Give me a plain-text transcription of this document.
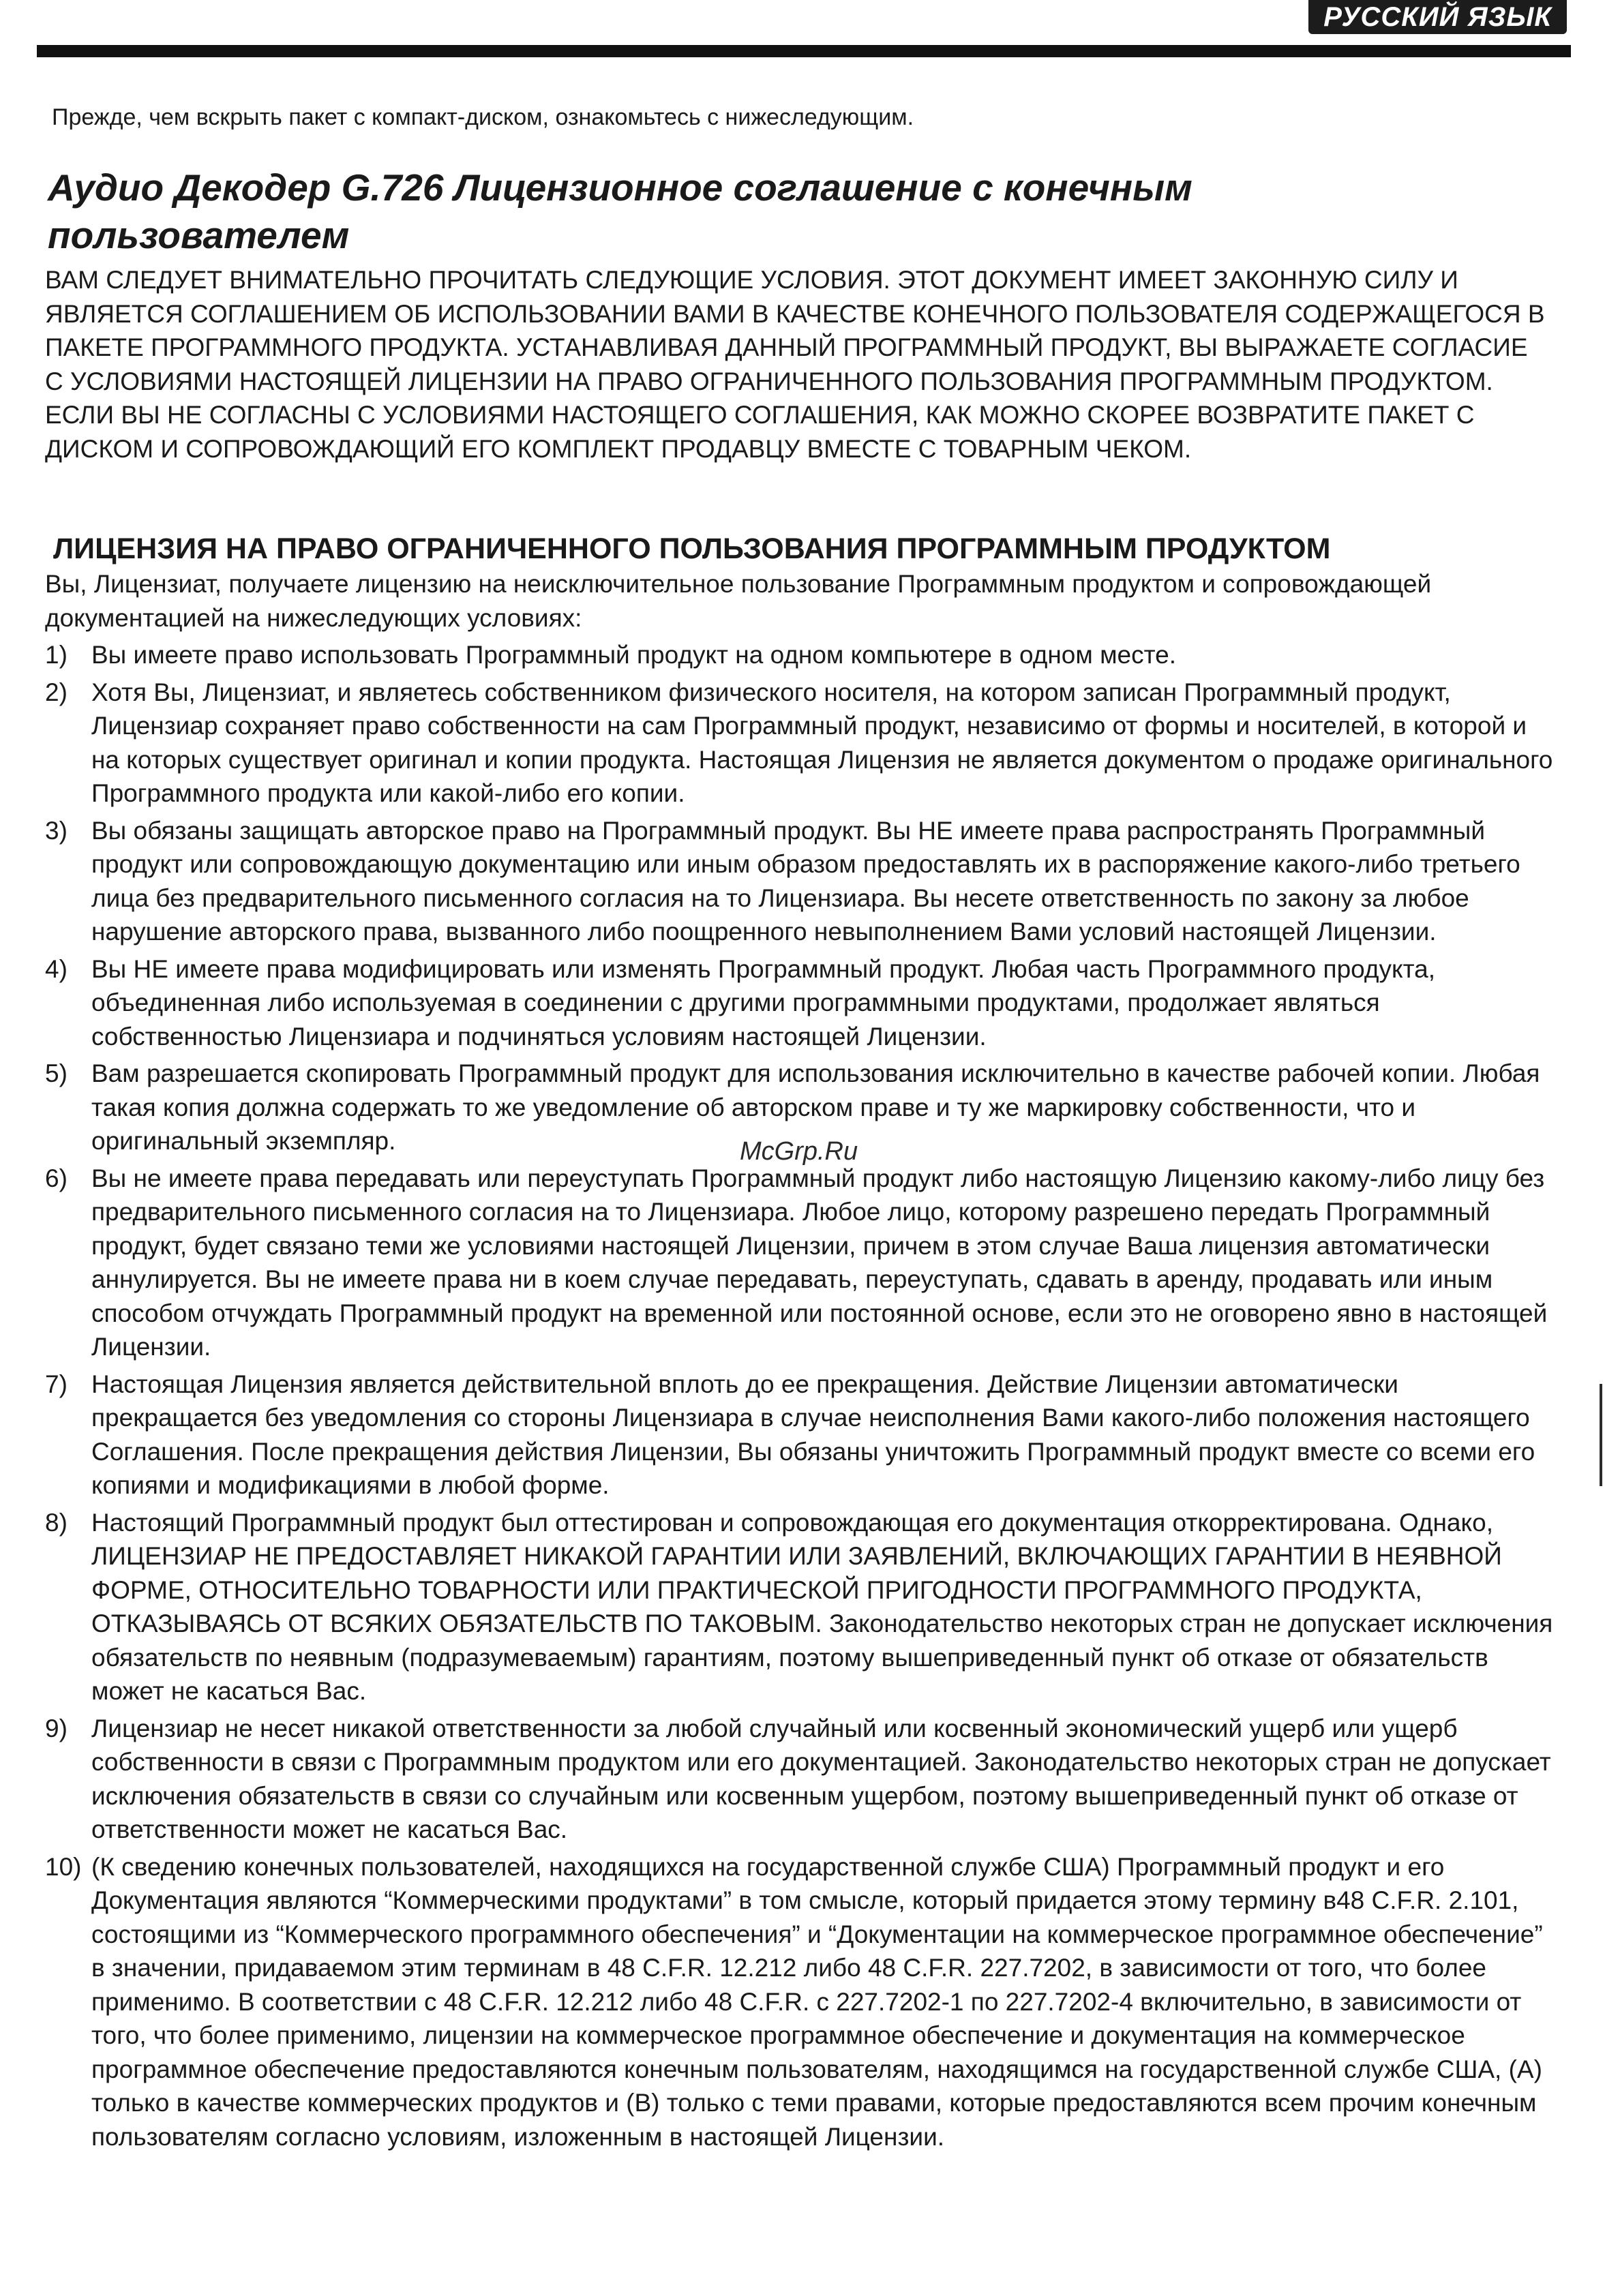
РУССКИЙ ЯЗЫК
Прежде, чем вскрыть пакет с компакт-диском, ознакомьтесь с нижеследующим.
Аудио Декодер G.726 Лицензионное соглашение с конечным пользователем
ВАМ СЛЕДУЕТ ВНИМАТЕЛЬНО ПРОЧИТАТЬ СЛЕДУЮЩИЕ УСЛОВИЯ. ЭТОТ ДОКУМЕНТ ИМЕЕТ ЗАКОННУЮ СИЛУ И ЯВЛЯЕТСЯ СОГЛАШЕНИЕМ ОБ ИСПОЛЬЗОВАНИИ ВАМИ В КАЧЕСТВЕ КОНЕЧНОГО ПОЛЬЗОВАТЕЛЯ СОДЕРЖАЩЕГОСЯ В ПАКЕТЕ ПРОГРАММНОГО ПРОДУКТА. УСТАНАВЛИВАЯ ДАННЫЙ ПРОГРАММНЫЙ ПРОДУКТ, ВЫ ВЫРАЖАЕТЕ СОГЛАСИЕ С УСЛОВИЯМИ НАСТОЯЩЕЙ ЛИЦЕНЗИИ НА ПРАВО ОГРАНИЧЕННОГО ПОЛЬЗОВАНИЯ ПРОГРАММНЫМ ПРОДУКТОМ. ЕСЛИ ВЫ НЕ СОГЛАСНЫ С УСЛОВИЯМИ НАСТОЯЩЕГО СОГЛАШЕНИЯ, КАК МОЖНО СКОРЕЕ ВОЗВРАТИТЕ ПАКЕТ С ДИСКОМ И СОПРОВОЖДАЮЩИЙ ЕГО КОМПЛЕКТ ПРОДАВЦУ ВМЕСТЕ С ТОВАРНЫМ ЧЕКОМ.
ЛИЦЕНЗИЯ НА ПРАВО ОГРАНИЧЕННОГО ПОЛЬЗОВАНИЯ ПРОГРАММНЫМ ПРОДУКТОМ

Вы, Лицензиат, получаете лицензию на неисключительное пользование Программным продуктом и сопровождающей документацией на нижеследующих условиях:

1) Вы имеете право использовать Программный продукт на одном компьютере в одном месте.
2) Хотя Вы, Лицензиат, и являетесь собственником физического носителя, на котором записан Программный продукт, Лицензиар сохраняет право собственности на сам Программный продукт, независимо от формы и носителей, в которой и на которых существует оригинал и копии продукта. Настоящая Лицензия не является документом о продаже оригинального Программного продукта или какой-либо его копии.
3) Вы обязаны защищать авторское право на Программный продукт. Вы НЕ имеете права распространять Программный продукт или сопровождающую документацию или иным образом предоставлять их в распоряжение какого-либо третьего лица без предварительного письменного согласия на то Лицензиара. Вы несете ответственность по закону за любое нарушение авторского права, вызванного либо поощренного невыполнением Вами условий настоящей Лицензии.
4) Вы НЕ имеете права модифицировать или изменять Программный продукт. Любая часть Программного продукта, объединенная либо используемая в соединении с другими программными продуктами, продолжает являться собственностью Лицензиара и подчиняться условиям настоящей Лицензии.
5) Вам разрешается скопировать Программный продукт для использования исключительно в качестве рабочей копии. Любая такая копия должна содержать то же уведомление об авторском праве и ту же маркировку собственности, что и оригинальный экземпляр.
6) Вы не имеете права передавать или переуступать Программный продукт либо настоящую Лицензию какому-либо лицу без предварительного письменного согласия на то Лицензиара. Любое лицо, которому разрешено передать Программный продукт, будет связано теми же условиями настоящей Лицензии, причем в этом случае Ваша лицензия автоматически аннулируется. Вы не имеете права ни в коем случае передавать, переуступать, сдавать в аренду, продавать или иным способом отчуждать Программный продукт на временной или постоянной основе, если это не оговорено явно в настоящей Лицензии.
7) Настоящая Лицензия является действительной вплоть до ее прекращения. Действие Лицензии автоматически прекращается без уведомления со стороны Лицензиара в случае неисполнения Вами какого-либо положения настоящего Соглашения. После прекращения действия Лицензии, Вы обязаны уничтожить Программный продукт вместе со всеми его копиями и модификациями в любой форме.
8) Настоящий Программный продукт был оттестирован и сопровождающая его документация откорректирована. Однако, ЛИЦЕНЗИАР НЕ ПРЕДОСТАВЛЯЕТ НИКАКОЙ ГАРАНТИИ ИЛИ ЗАЯВЛЕНИЙ, ВКЛЮЧАЮЩИХ ГАРАНТИИ В НЕЯВНОЙ ФОРМЕ, ОТНОСИТЕЛЬНО ТОВАРНОСТИ ИЛИ ПРАКТИЧЕСКОЙ ПРИГОДНОСТИ ПРОГРАММНОГО ПРОДУКТА, ОТКАЗЫВАЯСЬ ОТ ВСЯКИХ ОБЯЗАТЕЛЬСТВ ПО ТАКОВЫМ. Законодательство некоторых стран не допускает исключения обязательств по неявным (подразумеваемым) гарантиям, поэтому вышеприведенный пункт об отказе от обязательств может не касаться Вас.
9) Лицензиар не несет никакой ответственности за любой случайный или косвенный экономический ущерб или ущерб собственности в связи с Программным продуктом или его документацией. Законодательство некоторых стран не допускает исключения обязательств в связи со случайным или косвенным ущербом, поэтому вышеприведенный пункт об отказе от ответственности может не касаться Вас.
10) (К сведению конечных пользователей, находящихся на государственной службе США) Программный продукт и его Документация являются “Коммерческими продуктами” в том смысле, который придается этому термину в48 C.F.R. 2.101, состоящими из “Коммерческого программного обеспечения” и “Документации на коммерческое программное обеспечение” в значении, придаваемом этим терминам в 48 C.F.R. 12.212 либо 48 C.F.R. 227.7202, в зависимости от того, что более применимо. В соответствии с 48 C.F.R. 12.212 либо 48 C.F.R. с 227.7202-1 по 227.7202-4 включительно, в зависимости от того, что более применимо, лицензии на коммерческое программное обеспечение и документация на коммерческое программное обеспечение предоставляются конечным пользователям, находящимся на государственной службе США, (A) только в качестве коммерческих продуктов и (B) только с теми правами, которые предоставляются всем прочим конечным пользователям согласно условиям, изложенным в настоящей Лицензии.
McGrp.Ru
